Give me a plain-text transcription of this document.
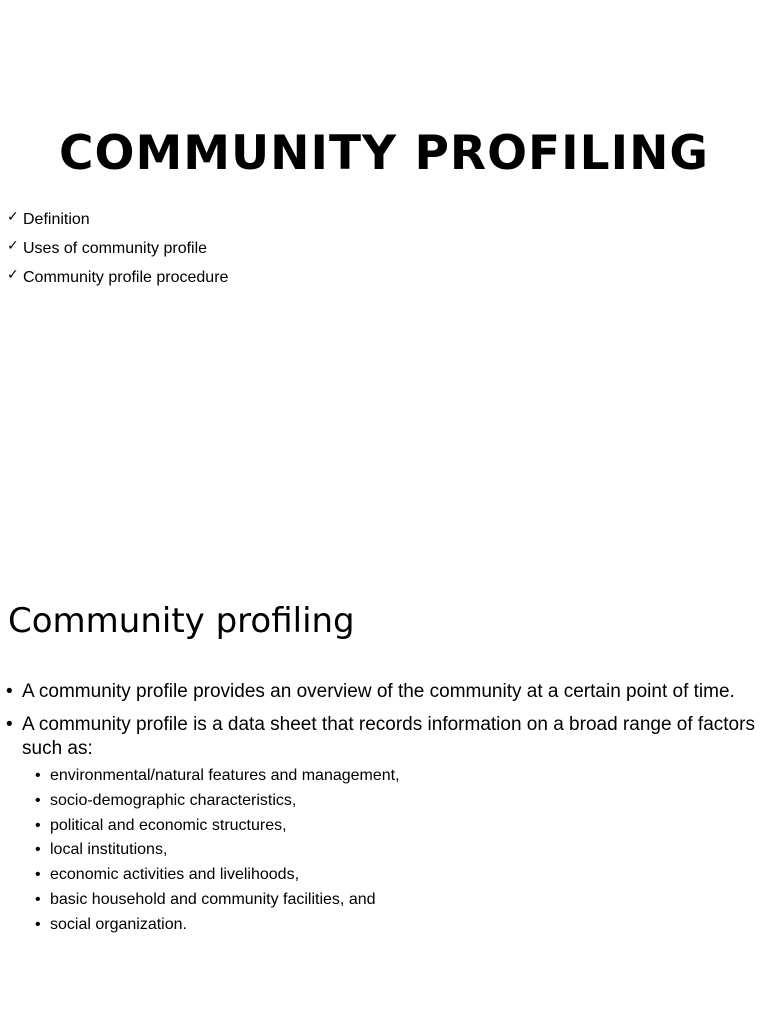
COMMUNITY PROFILING
✓ Definition
✓ Uses of community profile
✓ Community profile procedure
Community profiling
• A community profile provides an overview of the community at a certain point of time.
• A community profile is a data sheet that records information on a broad range of factors such as:
• environmental/natural features and management,
• socio-demographic characteristics,
• political and economic structures,
• local institutions,
• economic activities and livelihoods,
• basic household and community facilities, and
• social organization.
